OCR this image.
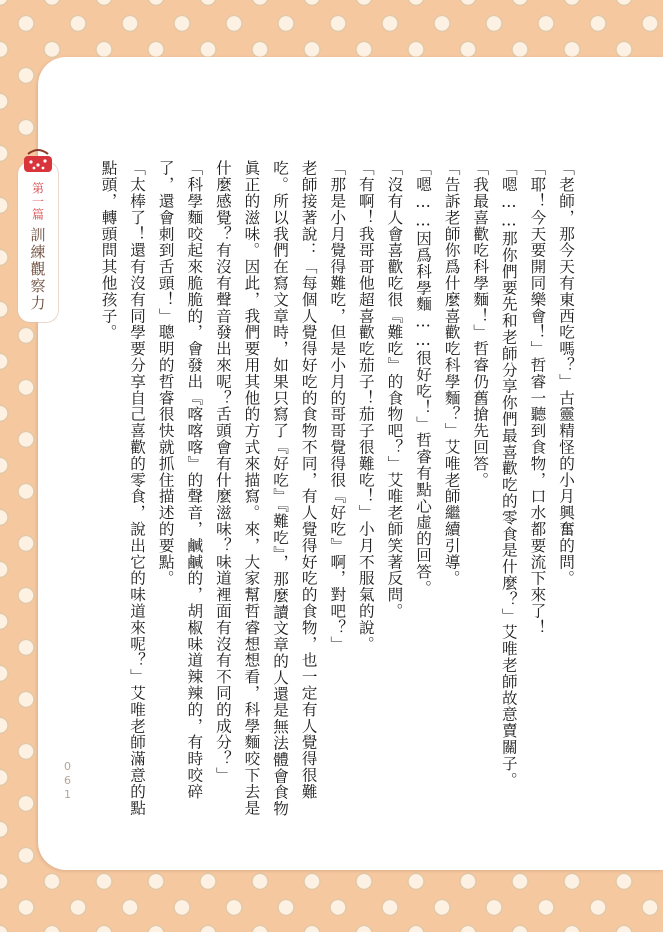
第一篇
訓練觀察力	「老師，那今天有東西吃嗎？」古靈精怪的小月興奮的問。

「耶！今天要開同樂會！」哲睿一聽到食物，口水都要流下來了！

「嗯……那你們要先和老師分享你們最喜歡吃的零食是什麼？」艾唯老師故意賣關子。

「我最喜歡吃科學麵！」哲睿仍舊搶先回答。

「告訴老師你爲什麼喜歡吃科學麵？」艾唯老師繼續引導。

「嗯……因爲科學麵……很好吃！」哲睿有點心虛的回答。

「沒有人會喜歡吃很『難吃』的食物吧？」艾唯老師笑著反問。

「有啊！我哥哥他超喜歡吃茄子！茄子很難吃！」小月不服氣的說。

「那是小月覺得難吃，但是小月的哥哥覺得很『好吃』啊，對吧？」

老師接著說：「每個人覺得好吃的食物不同，有人覺得好吃的食物，也一定有人覺得很難吃。所以我們在寫文章時，如果只寫了『好吃』『難吃』，那麼讀文章的人還是無法體會食物眞正的滋味。因此，我們要用其他的方式來描寫。來，大家幫哲睿想想看，科學麵咬下去是什麼感覺？有沒有聲音發出來呢？舌頭會有什麼滋味？味道裡面有沒有不同的成分？」

「科學麵咬起來脆脆的，會發出『喀喀喀』的聲音，鹹鹹的，胡椒味道辣辣的，有時咬碎了，還會刺到舌頭！」聰明的哲睿很快就抓住描述的要點。

「太棒了！還有沒有同學要分享自己喜歡的零食，說出它的味道來呢？」艾唯老師滿意的點點頭，轉頭問其他孩子。

061
